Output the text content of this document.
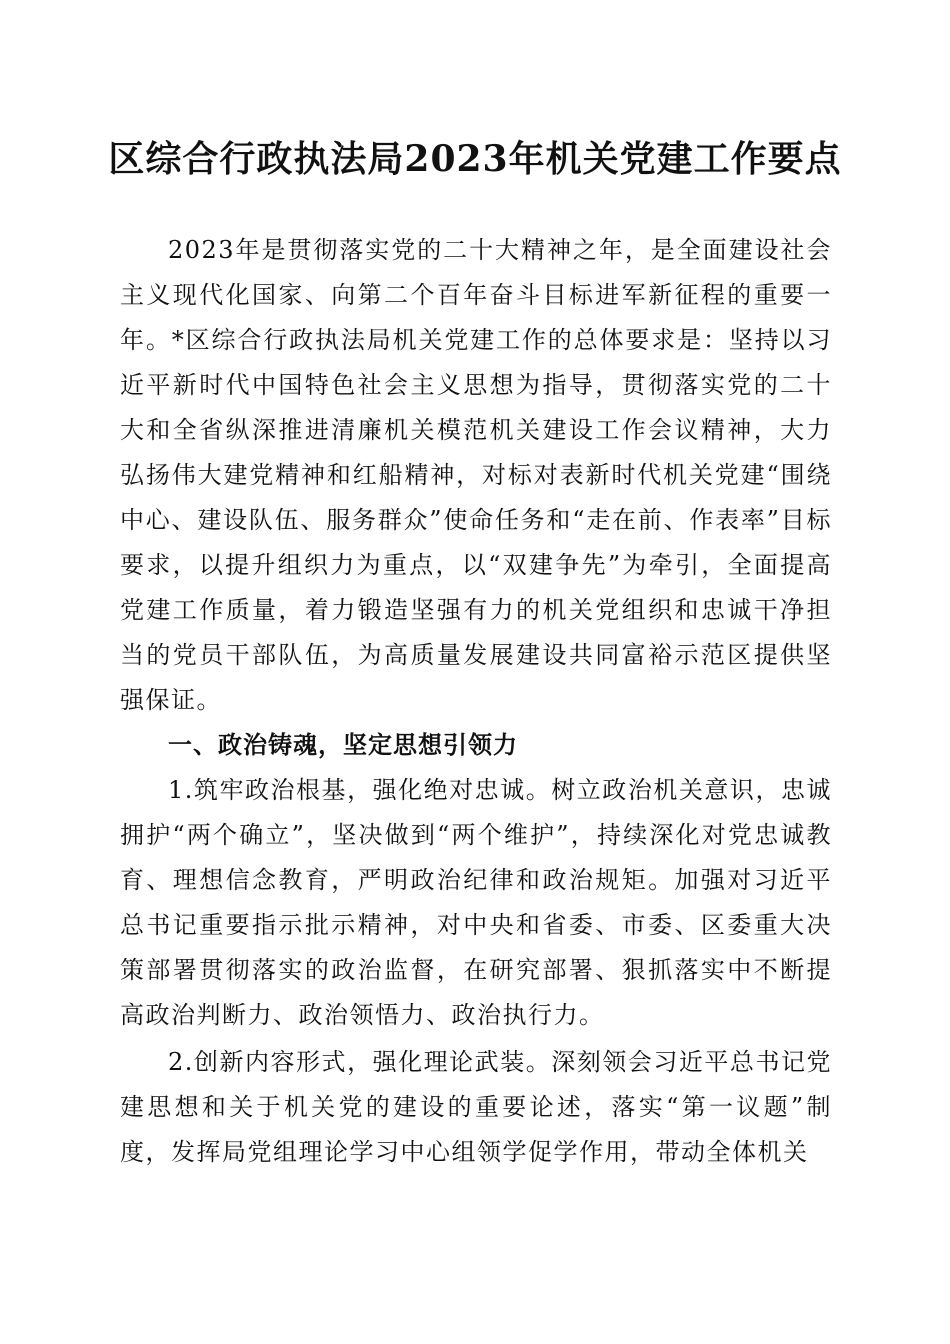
区综合行政执法局2023年机关党建工作要点

2023年是贯彻落实党的二十大精神之年，是全面建设社会主义现代化国家、向第二个百年奋斗目标进军新征程的重要一年。*区综合行政执法局机关党建工作的总体要求是：坚持以习近平新时代中国特色社会主义思想为指导，贯彻落实党的二十大和全省纵深推进清廉机关模范机关建设工作会议精神，大力弘扬伟大建党精神和红船精神，对标对表新时代机关党建“围绕中心、建设队伍、服务群众”使命任务和“走在前、作表率”目标要求，以提升组织力为重点，以“双建争先”为牵引，全面提高党建工作质量，着力锻造坚强有力的机关党组织和忠诚干净担当的党员干部队伍，为高质量发展建设共同富裕示范区提供坚强保证。

一、政治铸魂，坚定思想引领力

1.筑牢政治根基，强化绝对忠诚。树立政治机关意识，忠诚拥护“两个确立”，坚决做到“两个维护”，持续深化对党忠诚教育、理想信念教育，严明政治纪律和政治规矩。加强对习近平总书记重要指示批示精神，对中央和省委、市委、区委重大决策部署贯彻落实的政治监督，在研究部署、狠抓落实中不断提高政治判断力、政治领悟力、政治执行力。

2.创新内容形式，强化理论武装。深刻领会习近平总书记党建思想和关于机关党的建设的重要论述，落实“第一议题”制度，发挥局党组理论学习中心组领学促学作用，带动全体机关
